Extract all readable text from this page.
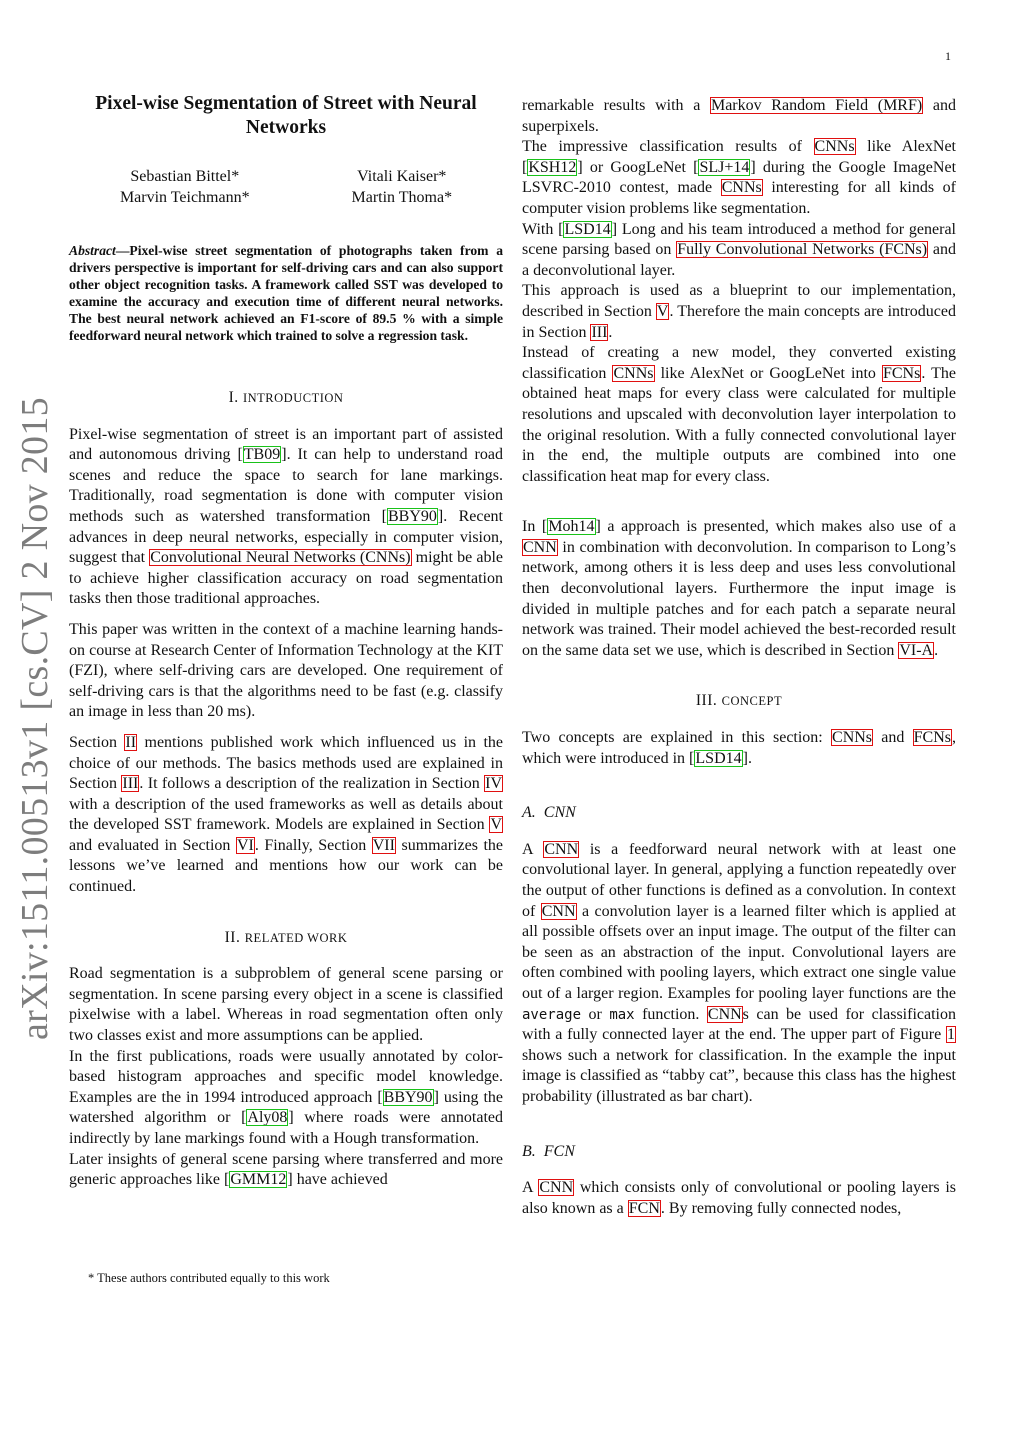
1
arXiv:1511.00513v1 [cs.CV] 2 Nov 2015
Pixel-wise Segmentation of Street with Neural Networks
Sebastian Bittel*
Marvin Teichmann*
Vitali Kaiser*
Martin Thoma*
Abstract—Pixel-wise street segmentation of photographs taken from a drivers perspective is important for self-driving cars and can also support other object recognition tasks. A framework called SST was developed to examine the accuracy and execution time of different neural networks. The best neural network achieved an F1-score of 89.5 % with a simple feedforward neural network which trained to solve a regression task.
I. INTRODUCTION

Pixel-wise segmentation of street is an important part of assisted and autonomous driving [TB09]. It can help to understand road scenes and reduce the space to search for lane markings. Traditionally, road segmentation is done with computer vision methods such as watershed transformation [BBY90]. Recent advances in deep neural networks, especially in computer vision, suggest that Convolutional Neural Networks (CNNs) might be able to achieve higher classification accuracy on road segmentation tasks then those traditional approaches.

This paper was written in the context of a machine learning hands-on course at Research Center of Information Technology at the KIT (FZI), where self-driving cars are developed. One requirement of self-driving cars is that the algorithms need to be fast (e.g. classify an image in less than 20 ms).

Section II mentions published work which influenced us in the choice of our methods. The basics methods used are explained in Section III. It follows a description of the realization in Section IV with a description of the used frameworks as well as details about the developed SST framework. Models are explained in Section V and evaluated in Section VI. Finally, Section VII summarizes the lessons we’ve learned and mentions how our work can be continued.

II. RELATED WORK

Road segmentation is a subproblem of general scene parsing or segmentation. In scene parsing every object in a scene is classified pixelwise with a label. Whereas in road segmentation often only two classes exist and more assumptions can be applied.

In the first publications, roads were usually annotated by color-based histogram approaches and specific model knowledge. Examples are the in 1994 introduced approach [BBY90] using the watershed algorithm or [Aly08] where roads were annotated indirectly by lane markings found with a Hough transformation.

Later insights of general scene parsing where transferred and more generic approaches like [GMM12] have achieved

* These authors contributed equally to this work

remarkable results with a Markov Random Field (MRF) and superpixels.

The impressive classification results of CNNs like AlexNet [KSH12] or GoogLeNet [SLJ+14] during the Google ImageNet LSVRC-2010 contest, made CNNs interesting for all kinds of computer vision problems like segmentation.

With [LSD14] Long and his team introduced a method for general scene parsing based on Fully Convolutional Networks (FCNs) and a deconvolutional layer.

This approach is used as a blueprint to our implementation, described in Section V. Therefore the main concepts are introduced in Section III.

Instead of creating a new model, they converted existing classification CNNs like AlexNet or GoogLeNet into FCNs. The obtained heat maps for every class were calculated for multiple resolutions and upscaled with deconvolution layer interpolation to the original resolution. With a fully connected convolutional layer in the end, the multiple outputs are combined into one classification heat map for every class.

In [Moh14] a approach is presented, which makes also use of a CNN in combination with deconvolution. In comparison to Long’s network, among others it is less deep and uses less convolutional then deconvolutional layers. Furthermore the input image is divided in multiple patches and for each patch a separate neural network was trained. Their model achieved the best-recorded result on the same data set we use, which is described in Section VI-A.

III. CONCEPT

Two concepts are explained in this section: CNNs and FCNs, which were introduced in [LSD14].

A. CNN

A CNN is a feedforward neural network with at least one convolutional layer. In general, applying a function repeatedly over the output of other functions is defined as a convolution. In context of CNN a convolution layer is a learned filter which is applied at all possible offsets over an input image. The output of the filter can be seen as an abstraction of the input. Convolutional layers are often combined with pooling layers, which extract one single value out of a larger region. Examples for pooling layer functions are the average or max function. CNNs can be used for classification with a fully connected layer at the end. The upper part of Figure 1 shows such a network for classification. In the example the input image is classified as “tabby cat”, because this class has the highest probability (illustrated as bar chart).

B. FCN

A CNN which consists only of convolutional or pooling layers is also known as a FCN. By removing fully connected nodes,
